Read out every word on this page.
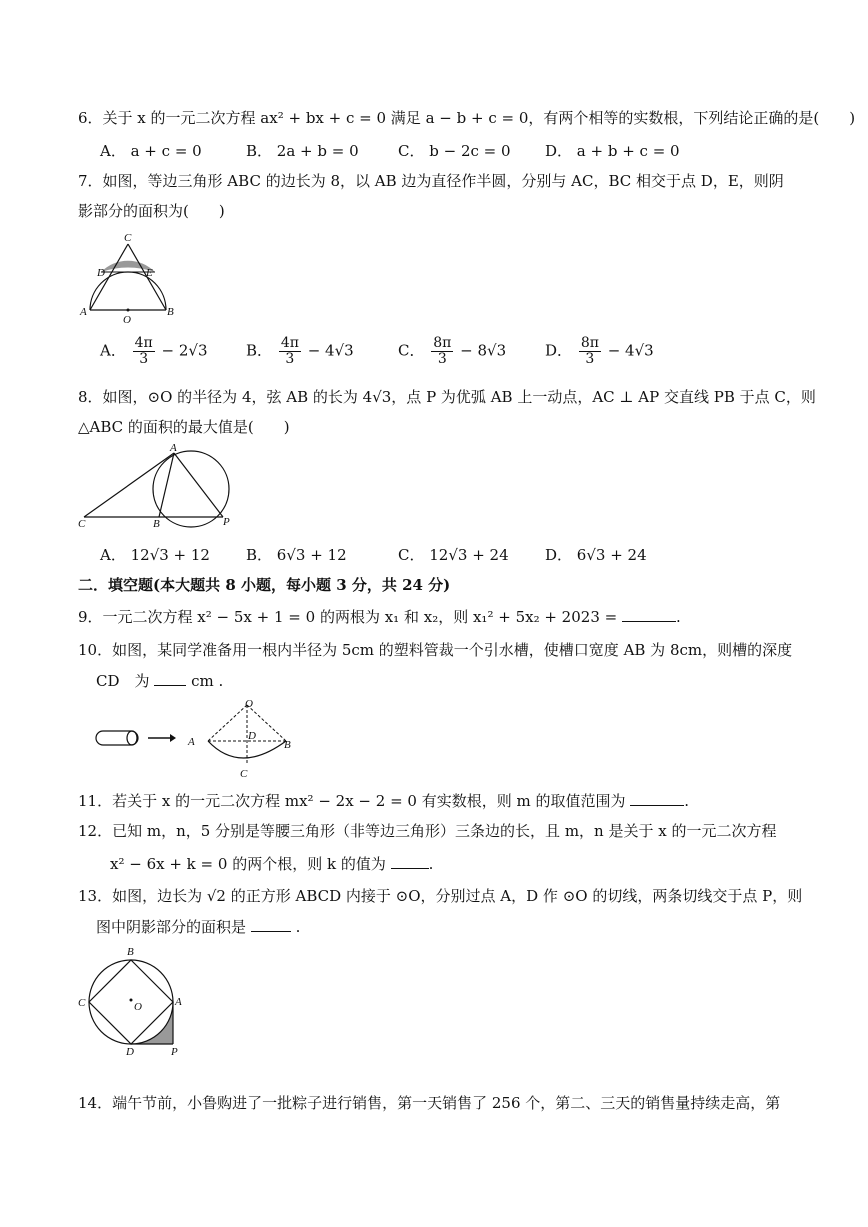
6．关于 x 的一元二次方程 ax² + bx + c = 0 满足 a − b + c = 0，有两个相等的实数根，下列结论正确的是(　　)
A． a + c = 0	B． 2a + b = 0	C． b − 2c = 0 D． a + b + c = 0
7．如图，等边三角形 ABC 的边长为 8，以 AB 边为直径作半圆，分别与 AC，BC 相交于点 D，E，则阴
影部分的面积为(　　)
C
D	E
A
O
B
A． $\frac{4\pi}{3} - 2√3$	B． $\frac{4\pi}{3} - 4√3$	C． $\frac{8\pi}{3} - 8√3$	D． $\frac{8\pi}{3} - 4√3$
8．如图，⊙O 的半径为 4，弦 AB 的长为 4√3，点 P 为优弧 AB 上一动点，AC ⊥ AP 交直线 PB 于点 C，则
△ABC 的面积的最大值是(　　)
A
C	B	P
A． 12√3 + 12 B． 6√3 + 12	C． 12√3 + 24 D． 6√3 + 24
二．填空题(本大题共 8 小题，每小题 3 分，共 24 分)
9．一元二次方程 x² − 5x + 1 = 0 的两根为 x₁ 和 x₂，则 x₁² + 5x₂ + 2023 =	.
10．如图，某同学准备用一根内半径为 5cm 的塑料管裁一个引水槽，使槽口宽度 AB 为 8cm，则槽的深度
CD　为	cm .
O
A	D
B
C
11．若关于 x 的一元二次方程 mx² − 2x − 2 = 0 有实数根，则 m 的取值范围为	.
12．已知 m，n，5 分别是等腰三角形（非等边三角形）三条边的长，且 m，n 是关于 x 的一元二次方程
x² − 6x + k = 0 的两个根，则 k 的值为	.
13．如图，边长为 √2 的正方形 ABCD 内接于 ⊙O，分别过点 A，D 作 ⊙O 的切线，两条切线交于点 P，则
图中阴影部分的面积是	.
B
C	O	A
D	P
14．端午节前，小鲁购进了一批粽子进行销售，第一天销售了 256 个，第二、三天的销售量持续走高，第
